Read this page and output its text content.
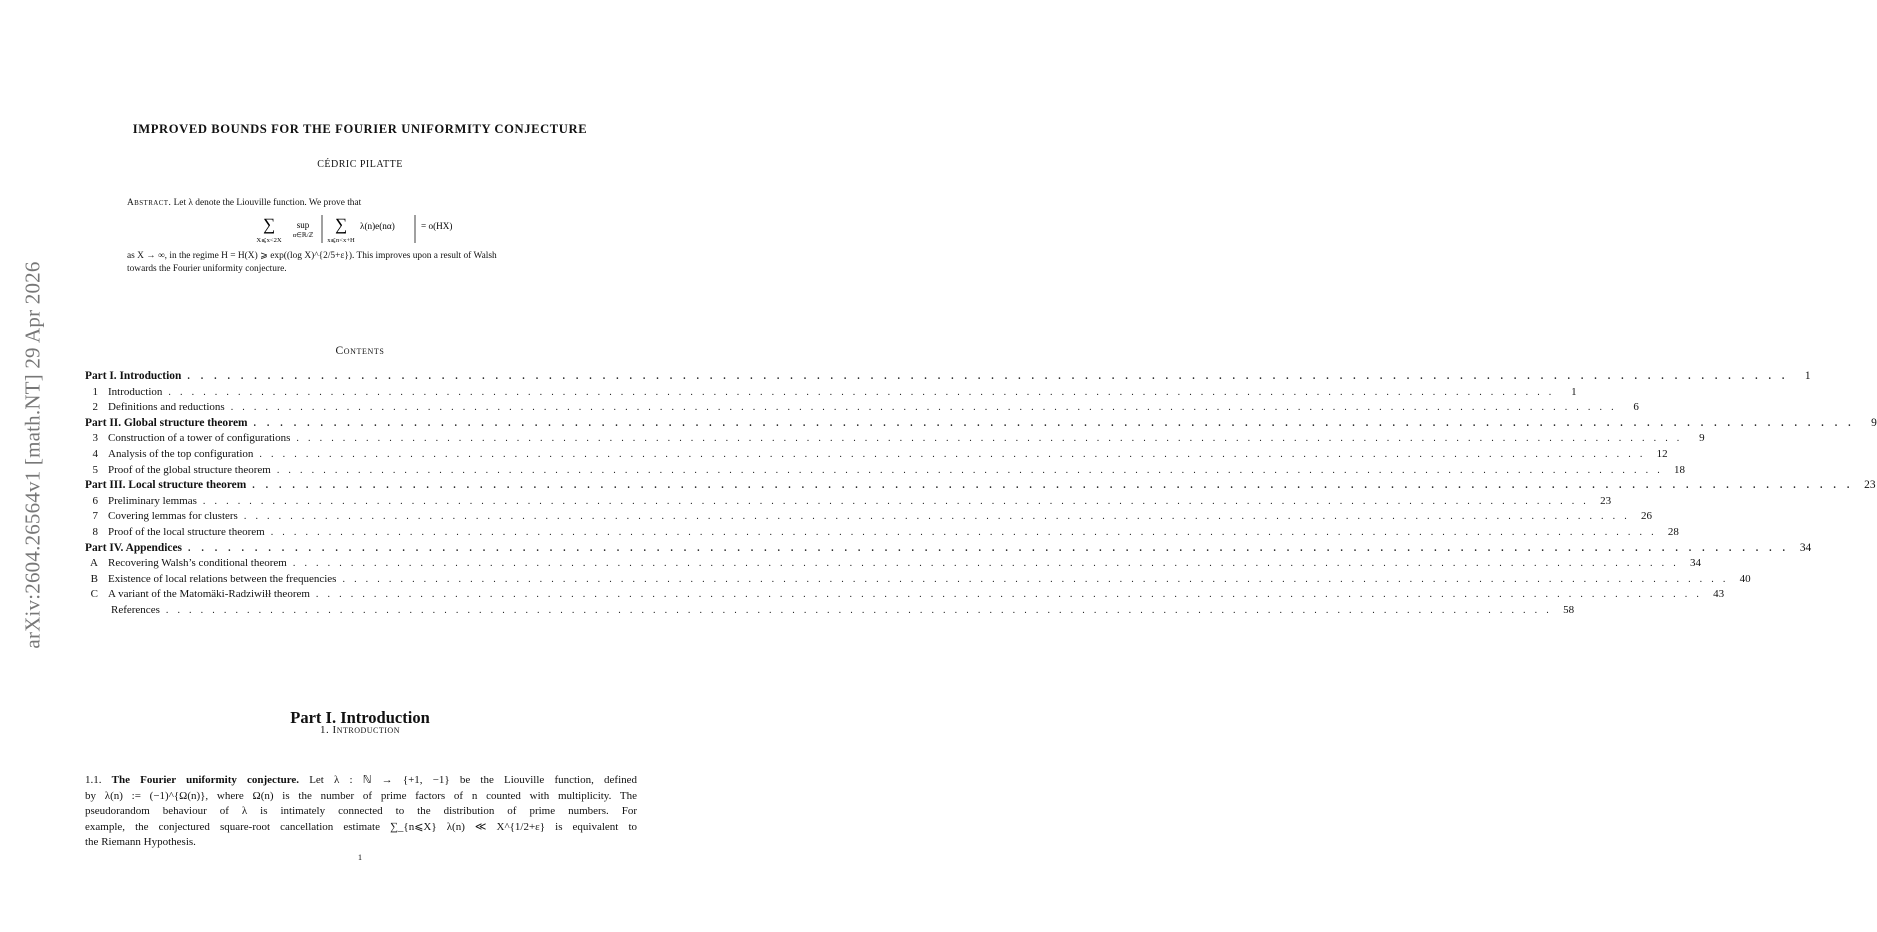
arXiv:2604.26564v1 [math.NT] 29 Apr 2026
IMPROVED BOUNDS FOR THE FOURIER UNIFORMITY CONJECTURE
CÉDRIC PILATTE
Abstract. Let λ denote the Liouville function. We prove that
∑
X⩽x<2X
sup
α∈ℝ/ℤ
∑
x⩽n<x+H
λ(n)e(nα)	= o(HX)
as X → ∞, in the regime H = H(X) ⩾ exp((log X)^{2/5+ε}). This improves upon a result of Walsh
towards the Fourier uniformity conjecture.
Contents
Part I. Introduction . . . . . . . . . . . . . . . . . . . . . . . . . . . . . . . . . . . . . . . . . . . . . . . . . . . . . . . . . . . . . . . . . . . . . . . . . . . . . . . . . . . . . . . . . . . . . . . . . . . . . . . . . . . . . . . . . . . . . . . .	1
1 Introduction . . . . . . . . . . . . . . . . . . . . . . . . . . . . . . . . . . . . . . . . . . . . . . . . . . . . . . . . . . . . . . . . . . . . . . . . . . . . . . . . . . . . . . . . . . . . . . . . . . . . . . . . . . . . . . . . . . . . . . . .	1
2 Definitions and reductions . . . . . . . . . . . . . . . . . . . . . . . . . . . . . . . . . . . . . . . . . . . . . . . . . . . . . . . . . . . . . . . . . . . . . . . . . . . . . . . . . . . . . . . . . . . . . . . . . . . . . . . . . . . . . . . . . . . . . . . .	6
Part II. Global structure theorem . . . . . . . . . . . . . . . . . . . . . . . . . . . . . . . . . . . . . . . . . . . . . . . . . . . . . . . . . . . . . . . . . . . . . . . . . . . . . . . . . . . . . . . . . . . . . . . . . . . . . . . . . . . . . . . . . . . . . . . .	9
3 Construction of a tower of configurations . . . . . . . . . . . . . . . . . . . . . . . . . . . . . . . . . . . . . . . . . . . . . . . . . . . . . . . . . . . . . . . . . . . . . . . . . . . . . . . . . . . . . . . . . . . . . . . . . . . . . . . . . . . . . . . . . . . . . . . .	9
4 Analysis of the top configuration . . . . . . . . . . . . . . . . . . . . . . . . . . . . . . . . . . . . . . . . . . . . . . . . . . . . . . . . . . . . . . . . . . . . . . . . . . . . . . . . . . . . . . . . . . . . . . . . . . . . . . . . . . . . . . . . . . . . . . . .	12
5 Proof of the global structure theorem . . . . . . . . . . . . . . . . . . . . . . . . . . . . . . . . . . . . . . . . . . . . . . . . . . . . . . . . . . . . . . . . . . . . . . . . . . . . . . . . . . . . . . . . . . . . . . . . . . . . . . . . . . . . . . . . . . . . . . . .	18
Part III. Local structure theorem . . . . . . . . . . . . . . . . . . . . . . . . . . . . . . . . . . . . . . . . . . . . . . . . . . . . . . . . . . . . . . . . . . . . . . . . . . . . . . . . . . . . . . . . . . . . . . . . . . . . . . . . . . . . . . . . . . . . . . . . 23
6 Preliminary lemmas . . . . . . . . . . . . . . . . . . . . . . . . . . . . . . . . . . . . . . . . . . . . . . . . . . . . . . . . . . . . . . . . . . . . . . . . . . . . . . . . . . . . . . . . . . . . . . . . . . . . . . . . . . . . . . . . . . . . . . . .	23
7 Covering lemmas for clusters . . . . . . . . . . . . . . . . . . . . . . . . . . . . . . . . . . . . . . . . . . . . . . . . . . . . . . . . . . . . . . . . . . . . . . . . . . . . . . . . . . . . . . . . . . . . . . . . . . . . . . . . . . . . . . . . . . . . . . . .	26
8 Proof of the local structure theorem . . . . . . . . . . . . . . . . . . . . . . . . . . . . . . . . . . . . . . . . . . . . . . . . . . . . . . . . . . . . . . . . . . . . . . . . . . . . . . . . . . . . . . . . . . . . . . . . . . . . . . . . . . . . . . . . . . . . . . . .	28
Part IV. Appendices . . . . . . . . . . . . . . . . . . . . . . . . . . . . . . . . . . . . . . . . . . . . . . . . . . . . . . . . . . . . . . . . . . . . . . . . . . . . . . . . . . . . . . . . . . . . . . . . . . . . . . . . . . . . . . . . . . . . . . . . 34
A Recovering Walsh’s conditional theorem . . . . . . . . . . . . . . . . . . . . . . . . . . . . . . . . . . . . . . . . . . . . . . . . . . . . . . . . . . . . . . . . . . . . . . . . . . . . . . . . . . . . . . . . . . . . . . . . . . . . . . . . . . . . . . . . . . . . . . . .	34
B Existence of local relations between the frequencies . . . . . . . . . . . . . . . . . . . . . . . . . . . . . . . . . . . . . . . . . . . . . . . . . . . . . . . . . . . . . . . . . . . . . . . . . . . . . . . . . . . . . . . . . . . . . . . . . . . . . . . . . . . . . . . . . . . . . . . .	40
C A variant of the Matomäki-Radziwiłł theorem . . . . . . . . . . . . . . . . . . . . . . . . . . . . . . . . . . . . . . . . . . . . . . . . . . . . . . . . . . . . . . . . . . . . . . . . . . . . . . . . . . . . . . . . . . . . . . . . . . . . . . . . . . . . . . . . . . . . . . . .	43
References . . . . . . . . . . . . . . . . . . . . . . . . . . . . . . . . . . . . . . . . . . . . . . . . . . . . . . . . . . . . . . . . . . . . . . . . . . . . . . . . . . . . . . . . . . . . . . . . . . . . . . . . . . . . . . . . . . . . . . . .	58
Part I. Introduction
1. Introduction
1.1. The Fourier uniformity conjecture. Let λ : ℕ → {+1, −1} be the Liouville function, defined
by λ(n) := (−1)^{Ω(n)}, where Ω(n) is the number of prime factors of n counted with multiplicity. The
pseudorandom behaviour of λ is intimately connected to the distribution of prime numbers. For
example, the conjectured square-root cancellation estimate ∑_{n⩽X} λ(n) ≪ X^{1/2+ε} is equivalent to
the Riemann Hypothesis.
1
